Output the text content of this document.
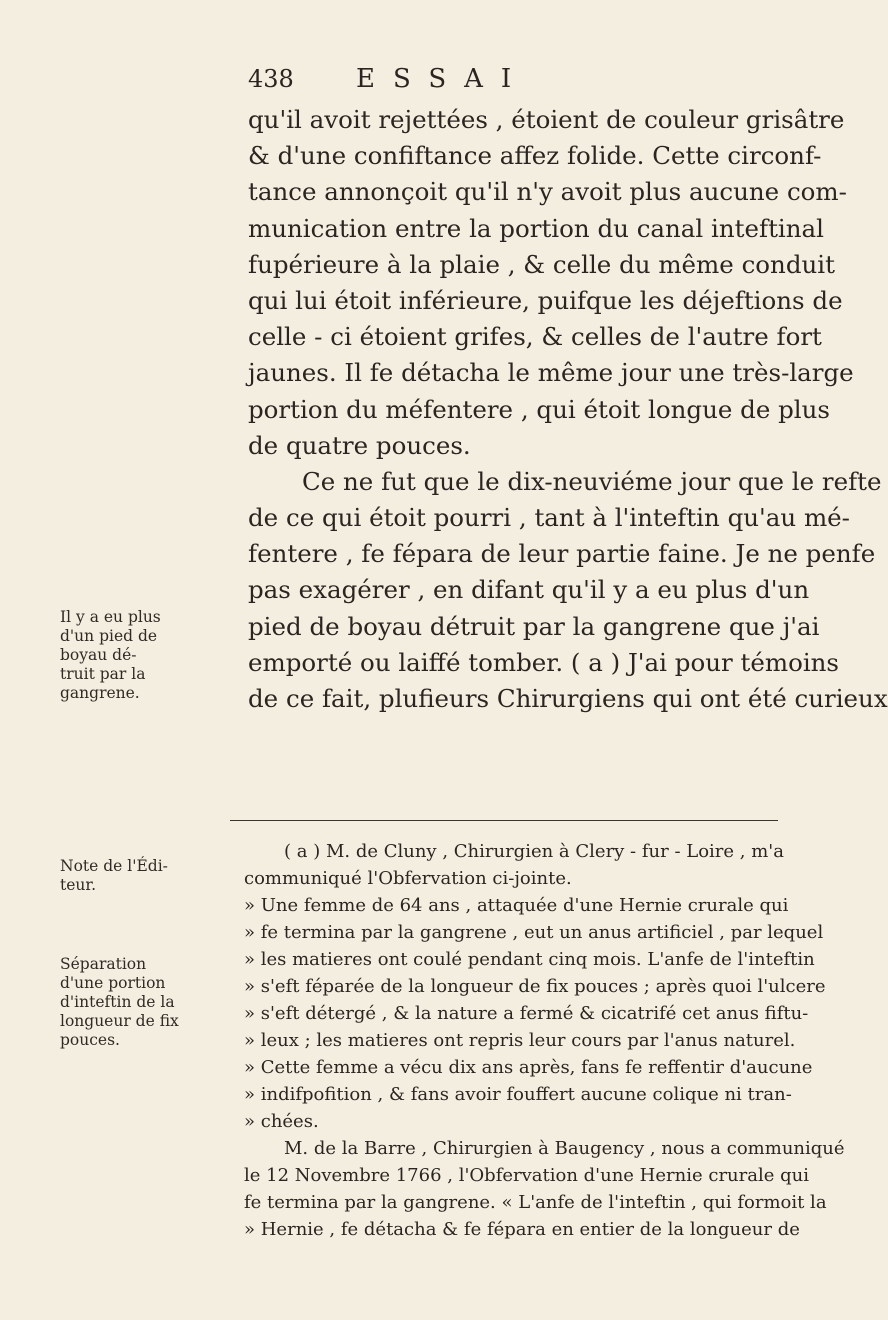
438 ESSAI
qu'il avoit rejettées , étoient de couleur grisâtre
& d'une confiftance affez folide. Cette circonf-
tance annonçoit qu'il n'y avoit plus aucune com-
munication entre la portion du canal inteftinal
fupérieure à la plaie , & celle du même conduit
qui lui étoit inférieure, puifque les déjeftions de
celle - ci étoient grifes, & celles de l'autre fort
jaunes. Il fe détacha le même jour une très-large
portion du méfentere , qui étoit longue de plus
de quatre pouces.
Ce ne fut que le dix-neuviéme jour que le refte
de ce qui étoit pourri , tant à l'inteftin qu'au mé-
fentere , fe fépara de leur partie faine. Je ne penfe
pas exagérer , en difant qu'il y a eu plus d'un
pied de boyau détruit par la gangrene que j'ai
emporté ou laiffé tomber. ( a ) J'ai pour témoins
de ce fait, plufieurs Chirurgiens qui ont été curieux
Il y a eu plus
d'un pied de
boyau dé-
truit par la
gangrene.
Note de l'Édi-
teur.
Séparation
d'une portion
d'inteftin de la
longueur de fix
pouces.
( a ) M. de Cluny , Chirurgien à Clery - fur - Loire , m'a
communiqué l'Obfervation ci-jointe.
» Une femme de 64 ans , attaquée d'une Hernie crurale qui
» fe termina par la gangrene , eut un anus artificiel , par lequel
» les matieres ont coulé pendant cinq mois. L'anfe de l'inteftin
» s'eft féparée de la longueur de fix pouces ; après quoi l'ulcere
» s'eft détergé , & la nature a fermé & cicatrifé cet anus fiftu-
» leux ; les matieres ont repris leur cours par l'anus naturel.
» Cette femme a vécu dix ans après, fans fe reffentir d'aucune
» indifpofition , & fans avoir fouffert aucune colique ni tran-
» chées.
M. de la Barre , Chirurgien à Baugency , nous a communiqué
le 12 Novembre 1766 , l'Obfervation d'une Hernie crurale qui
fe termina par la gangrene. « L'anfe de l'inteftin , qui formoit la
» Hernie , fe détacha & fe fépara en entier de la longueur de
